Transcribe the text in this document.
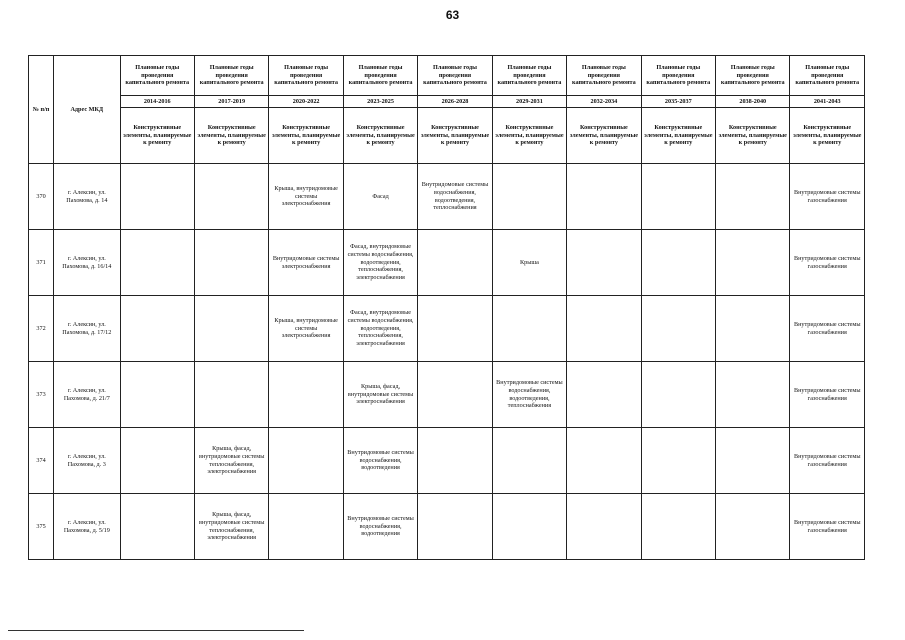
63
№ п/п	Адрес МКД	Плановые годы проведения капитального ремонта	Плановые годы проведения капитального ремонта	Плановые годы проведения капитального ремонта	Плановые годы проведения капитального ремонта	Плановые годы проведения капитального ремонта	Плановые годы проведения капитального ремонта	Плановые годы проведения капитального ремонта	Плановые годы проведения капитального ремонта	Плановые годы проведения капитального ремонта	Плановые годы проведения капитального ремонта
		2014-2016	2017-2019	2020-2022	2023-2025	2026-2028	2029-2031	2032-2034	2035-2037	2038-2040	2041-2043
		Конструктивные элементы, планируемые к ремонту	Конструктивные элементы, планируемые к ремонту	Конструктивные элементы, планируемые к ремонту	Конструктивные элементы, планируемые к ремонту	Конструктивные элементы, планируемые к ремонту	Конструктивные элементы, планируемые к ремонту	Конструктивные элементы, планируемые к ремонту	Конструктивные элементы, планируемые к ремонту	Конструктивные элементы, планируемые к ремонту	Конструктивные элементы, планируемые к ремонту
370	г. Алексин, ул. Пахомова, д. 14			Крыша, внутридомовые системы электроснабжения	Фасад	Внутридомовые системы водоснабжения, водоотведения, теплоснабжения					Внутридомовые системы газоснабжения
371	г. Алексин, ул. Пахомова, д. 16/14			Внутридомовые системы электроснабжения	Фасад, внутридомовые системы водоснабжения, водоотведения, теплоснабжения, электроснабжения		Крыша				Внутридомовые системы газоснабжения
372	г. Алексин, ул. Пахомова, д. 17/12			Крыша, внутридомовые системы электроснабжения	Фасад, внутридомовые системы водоснабжения, водоотведения, теплоснабжения, электроснабжения						Внутридомовые системы газоснабжения
373	г. Алексин, ул. Пахомова, д. 21/7				Крыша, фасад, внутридомовые системы электроснабжения		Внутридомовые системы водоснабжения, водоотведения, теплоснабжения				Внутридомовые системы газоснабжения
374	г. Алексин, ул. Пахомова, д. 3		Крыша, фасад, внутридомовые системы теплоснабжения, электроснабжения		Внутридомовые системы водоснабжения, водоотведения						Внутридомовые системы газоснабжения
375	г. Алексин, ул. Пахомова, д. 5/19		Крыша, фасад, внутридомовые системы теплоснабжения, электроснабжения		Внутридомовые системы водоснабжения, водоотведения						Внутридомовые системы газоснабжения
